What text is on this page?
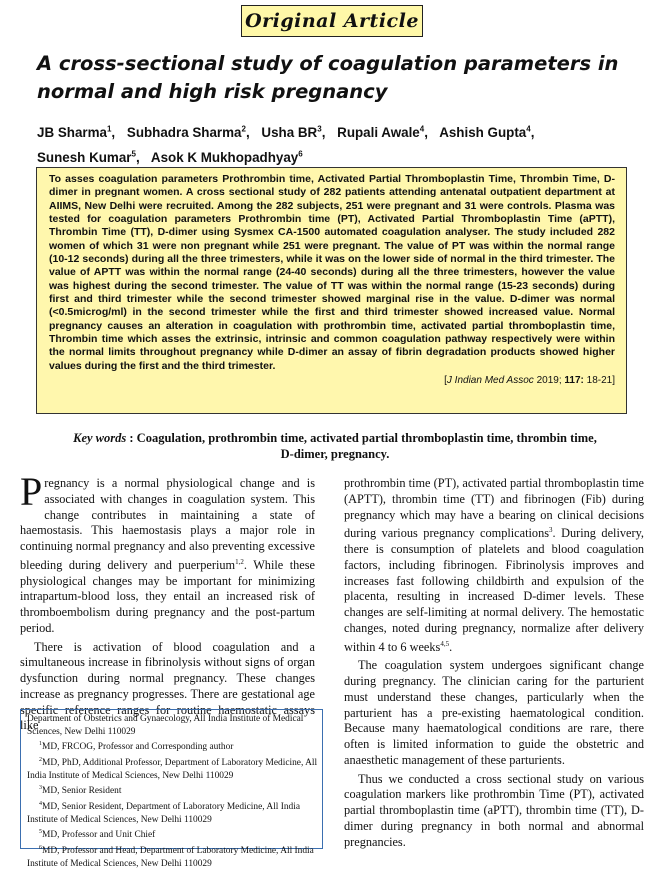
Original Article
A cross-sectional study of coagulation parameters in normal and high risk pregnancy
JB Sharma$^1$, Subhadra Sharma$^2$, Usha $BR^3$, Rupali Awale$^4$, Ashish Gupta$^4$,
Sunesh Kumar$^5$, Asok K Mukhopadhyay$^6$
To asses coagulation parameters Prothrombin time, Activated Partial Thromboplastin Time, Thrombin Time, D-dimer in pregnant women. A cross sectional study of 282 patients attending antenatal outpatient department at AIIMS, New Delhi were recruited. Among the 282 subjects, 251 were pregnant and 31 were controls. Plasma was tested for coagulation parameters Prothrombin time (PT), Activated Partial Thromboplastin Time (aPTT), Thrombin Time (TT), D-dimer using Sysmex CA-1500 automated coagulation analyser. The study included 282 women of which 31 were non pregnant while 251 were pregnant. The value of PT was within the normal range (10-12 seconds) during all the three trimesters, while it was on the lower side of normal in the third trimester. The value of APTT was within the normal range (24-40 seconds) during all the three trimesters, however the value was highest during the second trimester. The value of TT was within the normal range (15-23 seconds) during first and third trimester while the second trimester showed marginal rise in the value. D-dimer was normal (<0.5microg/ml) in the second trimester while the first and third trimester showed increased value. Normal pregnancy causes an alteration in coagulation with prothrombin time, activated partial thromboplastin time, Thrombin time which asses the extrinsic, intrinsic and common coagulation pathway respectively were within the normal limits throughout pregnancy while D-dimer an assay of fibrin degradation products showed higher values during the first and the third trimester.
[J Indian Med Assoc 2019; 117: 18-21]
Key words : Coagulation, prothrombin time, activated partial thromboplastin time, thrombin time, D-dimer, pregnancy.

Pregnancy is a normal physiological change and is associated with changes in coagulation system. This change contributes in maintaining a state of haemostasis. This haemostasis plays a major role in continuing normal pregnancy and also preventing excessive bleeding during delivery and puerperium$^{1,2}$. While these physiological changes may be important for minimizing intrapartum-blood loss, they entail an increased risk of thromboembolism during pregnancy and the post-partum period.

There is activation of blood coagulation and a simultaneous increase in fibrinolysis without signs of organ dysfunction during normal pregnancy. These changes increase as pregnancy progresses. There are gestational age specific reference ranges for routine haemostatic assays like

prothrombin time (PT), activated partial thromboplastin time (APTT), thrombin time (TT) and fibrinogen (Fib) during pregnancy which may have a bearing on clinical decisions during various pregnancy complications$^3$. During delivery, there is consumption of platelets and blood coagulation factors, including fibrinogen. Fibrinolysis improves and increases fast following childbirth and expulsion of the placenta, resulting in increased D-dimer levels. These changes are self-limiting at normal delivery. The hemostatic changes, noted during pregnancy, normalize after delivery within 4 to 6 weeks$^{4,5}$.

The coagulation system undergoes significant change during pregnancy. The clinician caring for the parturient must understand these changes, particularly when the parturient has a pre-existing haematological condition. Because many haematological conditions are rare, there often is limited information to guide the obstetric and anaesthetic management of these parturients.

Thus we conducted a cross sectional study on various coagulation markers like prothrombin Time (PT), activated partial thromboplastin time (aPTT), thrombin time (TT), D-dimer during pregnancy in both normal and abnormal pregnancies.

Department of Obstetrics and Gynaecology, All India Institute of Medical Sciences, New Delhi 110029

$^1$MD, FRCOG, Professor and Corresponding author

$^2$MD, PhD, Additional Professor, Department of Laboratory Medicine, All India Institute of Medical Sciences, New Delhi 110029

$^3$MD, Senior Resident

$^4$MD, Senior Resident, Department of Laboratory Medicine, All India Institute of Medical Sciences, New Delhi 110029

$^5$MD, Professor and Unit Chief

$^6$MD, Professor and Head, Department of Laboratory Medicine, All India Institute of Medical Sciences, New Delhi 110029
